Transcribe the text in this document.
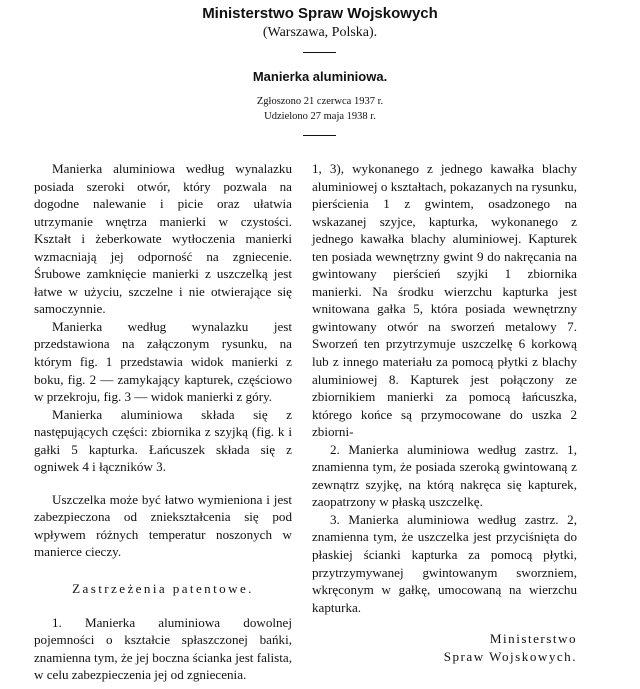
Ministerstwo Spraw Wojskowych
(Warszawa, Polska).
Manierka aluminiowa.
Zgłoszono 21 czerwca 1937 r.
Udzielono 27 maja 1938 r.

Manierka aluminiowa według wynalazku posiada szeroki otwór, który pozwala na dogodne nalewanie i picie oraz ułatwia utrzymanie wnętrza manierki w czystości. Kształt i żeberkowate wytłoczenia manierki wzmacniają jej odporność na zgniecenie. Śrubowe zamknięcie manierki z uszczelką jest łatwe w użyciu, szczelne i nie otwierające się samoczynnie.

Manierka według wynalazku jest przedstawiona na załączonym rysunku, na którym fig. 1 przedstawia widok manierki z boku, fig. 2 — zamykający kapturek, częściowo w przekroju, fig. 3 — widok manierki z góry.

Manierka aluminiowa składa się z następujących części: zbiornika z szyjką (fig. k i gałki 5 kapturka. Łańcuszek składa się z ogniwek 4 i łączników 3.

Uszczelka może być łatwo wymieniona i jest zabezpieczona od zniekształcenia się pod wpływem różnych temperatur noszonych w manierce cieczy.

Zastrzeżenia patentowe.

1. Manierka aluminiowa dowolnej pojemności o kształcie spłaszczonej bańki, znamienna tym, że jej boczna ścianka jest falista, w celu zabezpieczenia jej od zgniecenia.

1, 3), wykonanego z jednego kawałka blachy aluminiowej o kształtach, pokazanych na rysunku, pierścienia 1 z gwintem, osadzonego na wskazanej szyjce, kapturka, wykonanego z jednego kawałka blachy aluminiowej. Kapturek ten posiada wewnętrzny gwint 9 do nakręcania na gwintowany pierścień szyjki 1 zbiornika manierki. Na środku wierzchu kapturka jest wnitowana gałka 5, która posiada wewnętrzny gwintowany otwór na sworzeń metalowy 7. Sworzeń ten przytrzymuje uszczelkę 6 korkową lub z innego materiału za pomocą płytki z blachy aluminiowej 8. Kapturek jest połączony ze zbiornikiem manierki za pomocą łańcuszka, którego końce są przymocowane do uszka 2 zbiorni-

2. Manierka aluminiowa według zastrz. 1, znamienna tym, że posiada szeroką gwintowaną z zewnątrz szyjkę, na którą nakręca się kapturek, zaopatrzony w płaską uszczelkę.

3. Manierka aluminiowa według zastrz. 2, znamienna tym, że uszczelka jest przyciśnięta do płaskiej ścianki kapturka za pomocą płytki, przytrzymywanej gwintowanym sworzniem, wkręconym w gałkę, umocowaną na wierzchu kapturka.

Ministerstwo
Spraw Wojskowych.
